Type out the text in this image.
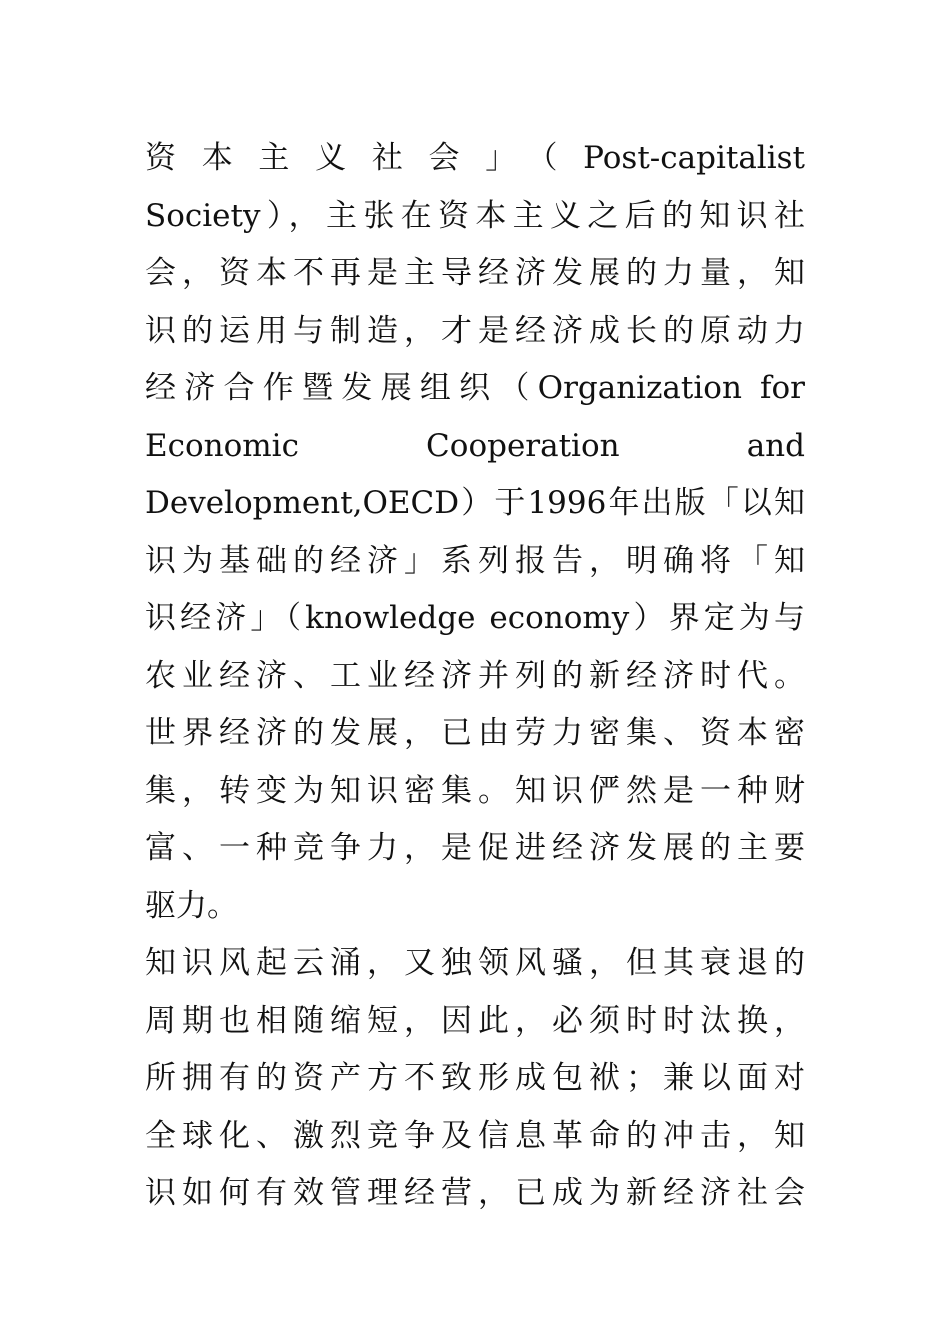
资本主义社会」（Post-capitalist
Society），主张在资本主义之后的知识社
会，资本不再是主导经济发展的力量，知
识的运用与制造，才是经济成长的原动力
经济合作暨发展组织（Organization for
Economic Cooperation and
Development,OECD）于1996年出版「以知
识为基础的经济」系列报告，明确将「知
识经济」（knowledge economy）界定为与
农业经济、工业经济并列的新经济时代。
世界经济的发展，已由劳力密集、资本密
集，转变为知识密集。知识俨然是一种财
富、一种竞争力，是促进经济发展的主要
驱力。
知识风起云涌，又独领风骚，但其衰退的
周期也相随缩短，因此，必须时时汰换，
所拥有的资产方不致形成包袱；兼以面对
全球化、激烈竞争及信息革命的冲击，知
识如何有效管理经营，已成为新经济社会
